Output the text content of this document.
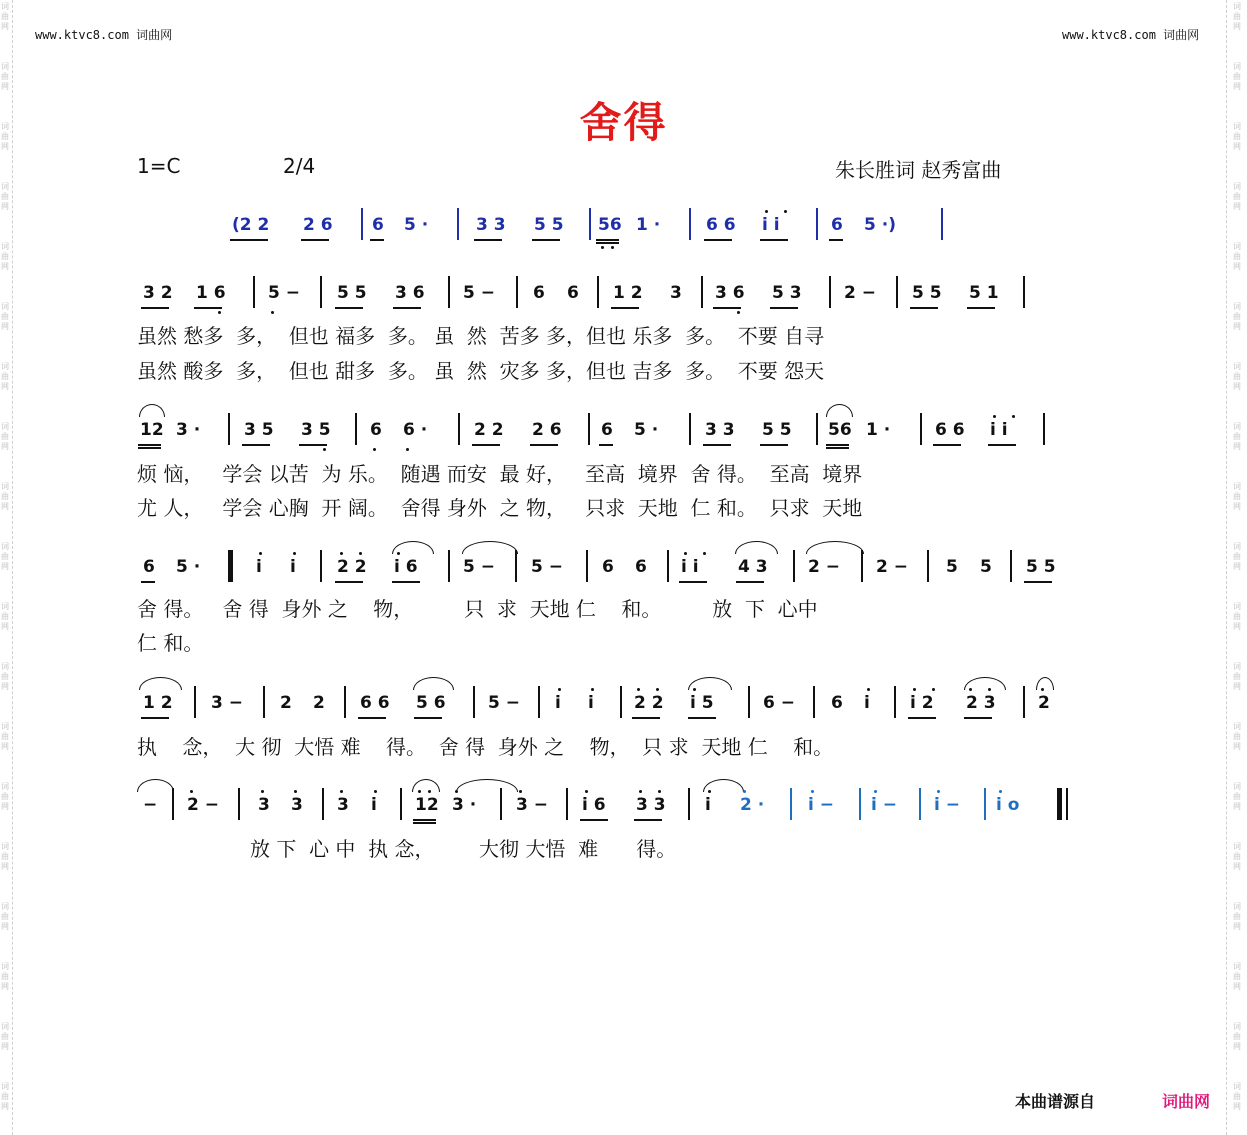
词
曲
网
词
曲
网
词
曲
网
词
曲
网
词
曲
网
词
曲
网
词
曲
网
词
曲
网
词
曲
网
词
曲
网
词
曲
网
词
曲
网
词
曲
网
词
曲
网
词
曲
网
词
曲
网
词
曲
网
词
曲
网
词
曲
网
词
曲
网
词
曲
网
词
曲
网
词
曲
网
词
曲
网
词
曲
网
词
曲
网
词
曲
网
词
曲
网
词
曲
网
词
曲
网
词
曲
网
词
曲
网
词
曲
网
词
曲
网
词
曲
网
词
曲
网
词
曲
网
词
曲
网
www.ktvc8.com 词曲网	www.ktvc8.com 词曲网
舍得
1=C	2/4	朱长胜词 赵秀富曲
(2 2 2 6 6 5 ·	3 3 5 5 56 1 ·	6 6 i i	6 5 ·)
3 2 1 6 5 − 5 5 3 6 5 − 6 6 1 2 3 3 6 5 3 2 − 5 5 5 1
12 3 ·	3 5 3 5 6 6 ·	2 2 2 6 6 5 ·	3 3 5 5 56 1 ·	6 6 i i
6 5 ·	i i 2 2 i 6	5 − 5 − 6 6 i i 4 3 2 − 2 − 5 5 5 5
1 2 3 − 2 2 6 6 5 6 5 − i i 2 2 i 5	6 − 6 i i 2 2 3 2
− 2 − 3 3 3 i 12 3 · 3 − i 6 3 3 i 2 ·	i − i − i − i o
虽然 愁多  多，  但也 福多  多。 虽  然  苦多 多，但也 乐多  多。  不要 自寻
虽然 酸多  多，  但也 甜多  多。 虽  然  灾多 多，但也 吉多  多。  不要 怨天
烦 恼，   学会 以苦  为 乐。  随遇 而安  最 好，   至高  境界  舍 得。  至高  境界
尤 人，   学会 心胸  开 阔。  舍得 身外  之 物，   只求  天地  仁 和。  只求  天地
舍 得。   舍 得  身外 之    物，        只  求  天地 仁    和。        放  下  心中
仁 和。
执    念，  大 彻  大悟 难    得。  舍 得  身外 之    物，  只 求  天地 仁    和。
放 下  心 中  执 念，       大彻 大悟  难      得。
本曲谱源自	词曲网
